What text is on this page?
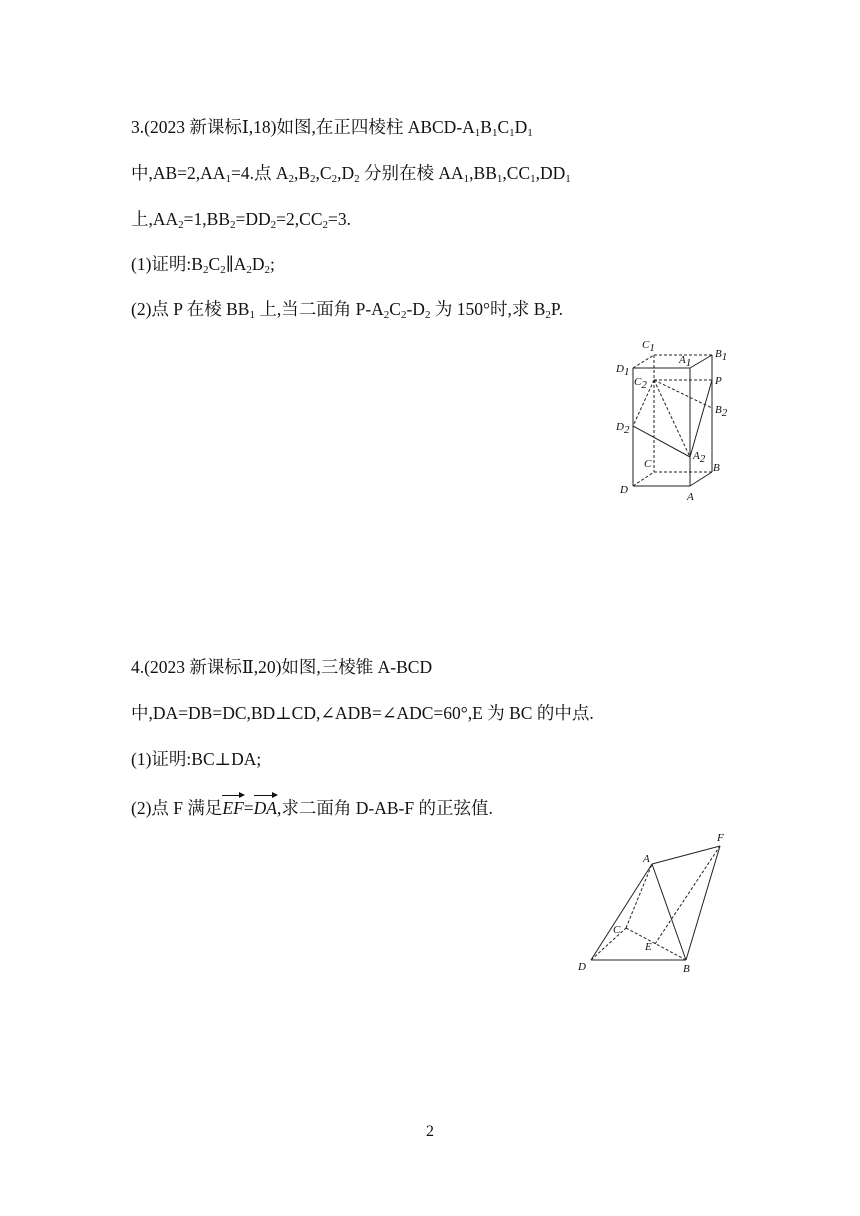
3.(2023 新课标Ⅰ,18)如图,在正四棱柱 ABCD-$A_1B_1C_1D_1$
中$,AB=2,AA_1=4$.点 $A_2,B_2,C_2,D_2$ 分别在棱 $AA_1,BB_1,CC_1,DD_1$
上$,AA_2=1,BB_2=DD_2=2,CC_2=3$.
(1)证明$:B_2C_2\parallel A_2D_2$;
(2)点 P 在棱 $BB_1$ 上,当二面角 $P-A_2C_2-D_2$ 为 150°时,求 $B_2P$.
C1
A1
B1
D1
C2	P
B2
D2
C
A2
B
D
A
4.(2023 新课标Ⅱ,20)如图,三棱锥 A-BCD
中,DA=DB=DC,BD⊥CD,∠ADB=∠ADC=60°,E 为 BC 的中点.
(1)证明:BC⊥DA;
(2)点 F 满足EF=DA,求二面角 D-AB-F 的正弦值.
F
A
C
E
D	B
2
